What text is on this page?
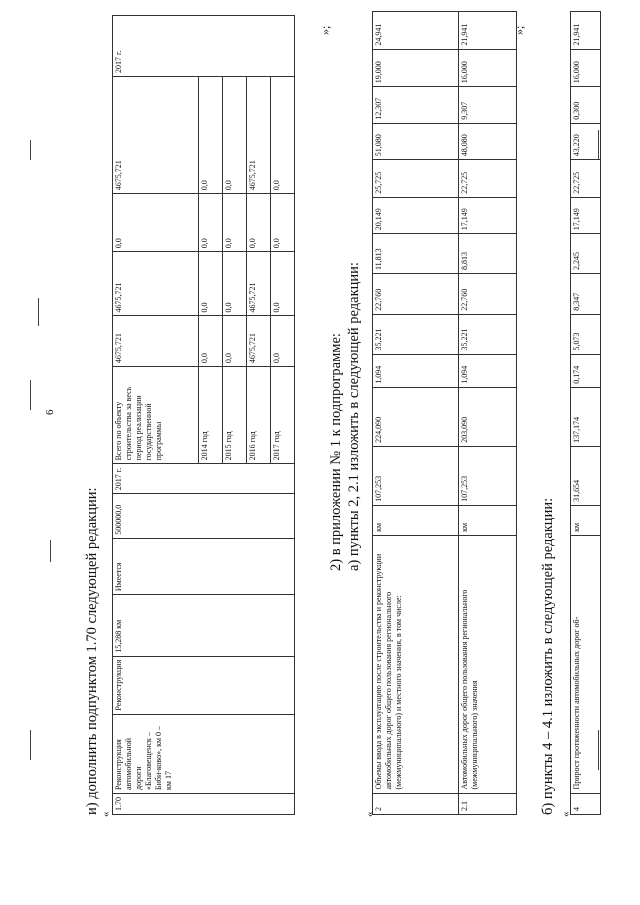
6
и) дополнить подпунктом 1.70 следующей редакции: «
»;
1.70	Реконструкция автомобильной дороги «Благовещенск – Биби-ково», км 0 – км 17	Реконструкция	15,288 км	Имеется	500000,0	2017 г.	Всего по объекту строительства за весь период реализации государственной программы	4675,721	4675,721	0,0	4675,721	2017 г.
							2014 год	0,0	0,0	0,0	0,0	
							2015 год	0,0	0,0	0,0	0,0	
							2016 год	4675,721	4675,721	0,0	4675,721	
							2017 год	0,0	0,0	0,0	0,0	
2) в приложении № 1 к подпрограмме: а) пункты 2, 2.1 изложить в следующей редакции:
«
»;
2	Объемы ввода в эксплуатацию после строительства и реконструкции автомобильных дорог общего пользования регионального (межмуниципального) и местного значения, в том числе:	км	107,253	224,090	1,094	35,221	22,760	11,813	20,149	25,725	51,080	12,307	19,000	24,941
2.1	Автомобильных дорог общего пользования регионального (межмуниципального) значения	км	107,253	203,090	1,094	35,221	22,760	8,813	17,149	22,725	48,080	9,307	16,000	21,941
б) пункты 4 – 4.1 изложить в следующей редакции: «
4	Прирост протяженности автомобильных дорог об-	км	31,654	137,174	0,174	5,073	8,347	2,245	17,149	22,725	43,220	0,300	16,000	21,941
